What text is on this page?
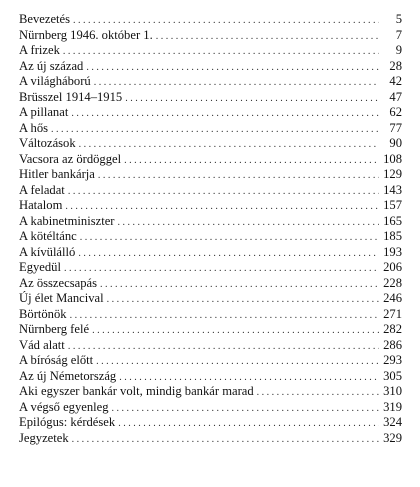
Bevezetés . . .	5
Nürnberg 1946. október 1. . . .	7
A frizek . . .	9
Az új század . . .	28
A világháború . . .	42
Brüsszel 1914–1915 . . .	47
A pillanat . . .	62
A hős . . .	77
Változások . . .	90
Vacsora az ördöggel . . .	108
Hitler bankárja . . .	129
A feladat . . .	143
Hatalom . . .	157
A kabinetminiszter . . .	165
A kötéltánc . . .	185
A kívülálló . . .	193
Egyedül . . .	206
Az összecsapás . . .	228
Új élet Mancival . . .	246
Börtönök . . .	271
Nürnberg felé . . .	282
Vád alatt . . .	286
A bíróság előtt . . .	293
Az új Németország . . .	305
Aki egyszer bankár volt, mindig bankár marad . . .	310
A végső egyenleg . . .	319
Epilógus: kérdések . . .	324
Jegyzetek . . .	329
